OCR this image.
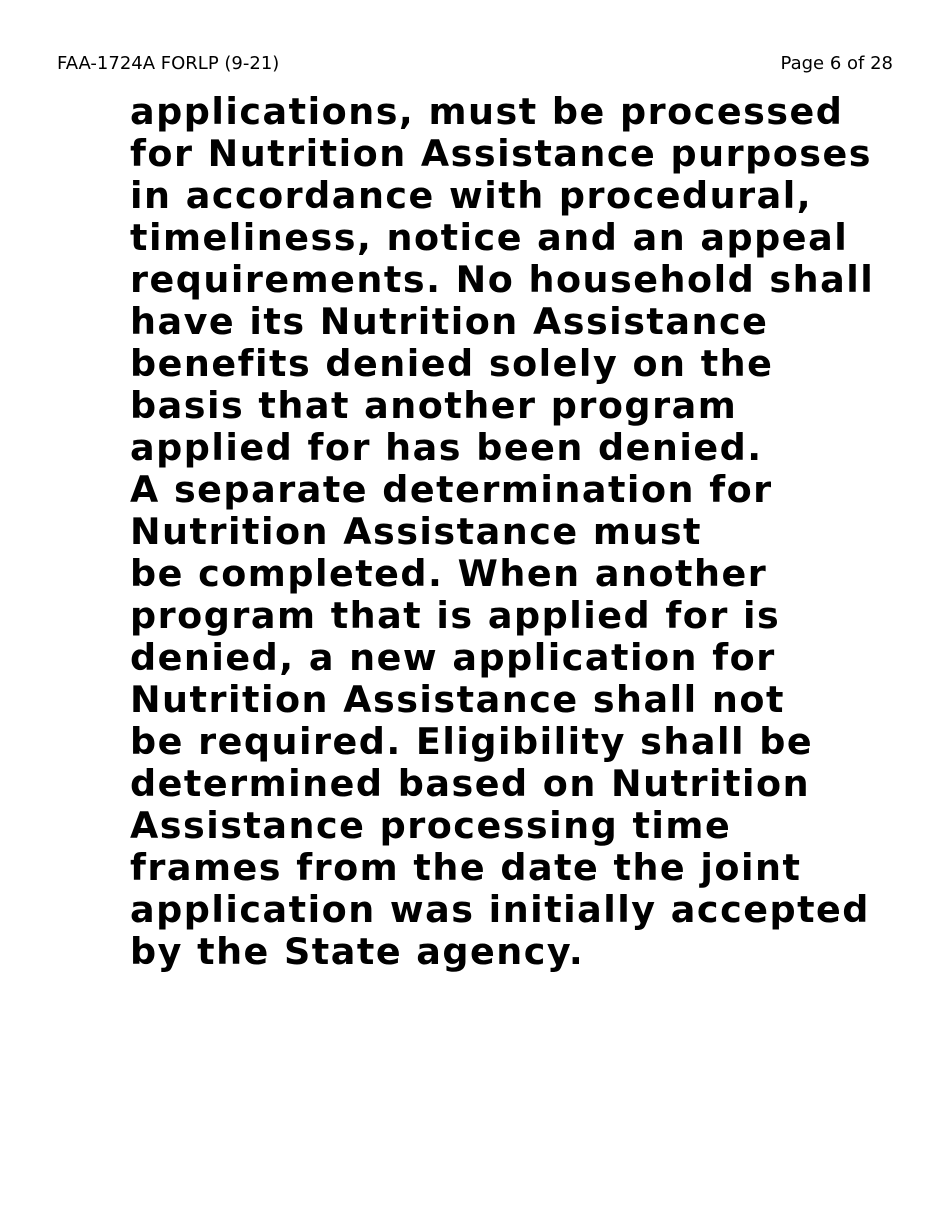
FAA-1724A FORLP (9-21)	Page 6 of 28
applications, must be processed
for Nutrition Assistance purposes
in accordance with procedural,
timeliness, notice and an appeal
requirements. No household shall
have its Nutrition Assistance
benefits denied solely on the
basis that another program
applied for has been denied.
A separate determination for
Nutrition Assistance must
be completed. When another
program that is applied for is
denied, a new application for
Nutrition Assistance shall not
be required. Eligibility shall be
determined based on Nutrition
Assistance processing time
frames from the date the joint
application was initially accepted
by the State agency.
